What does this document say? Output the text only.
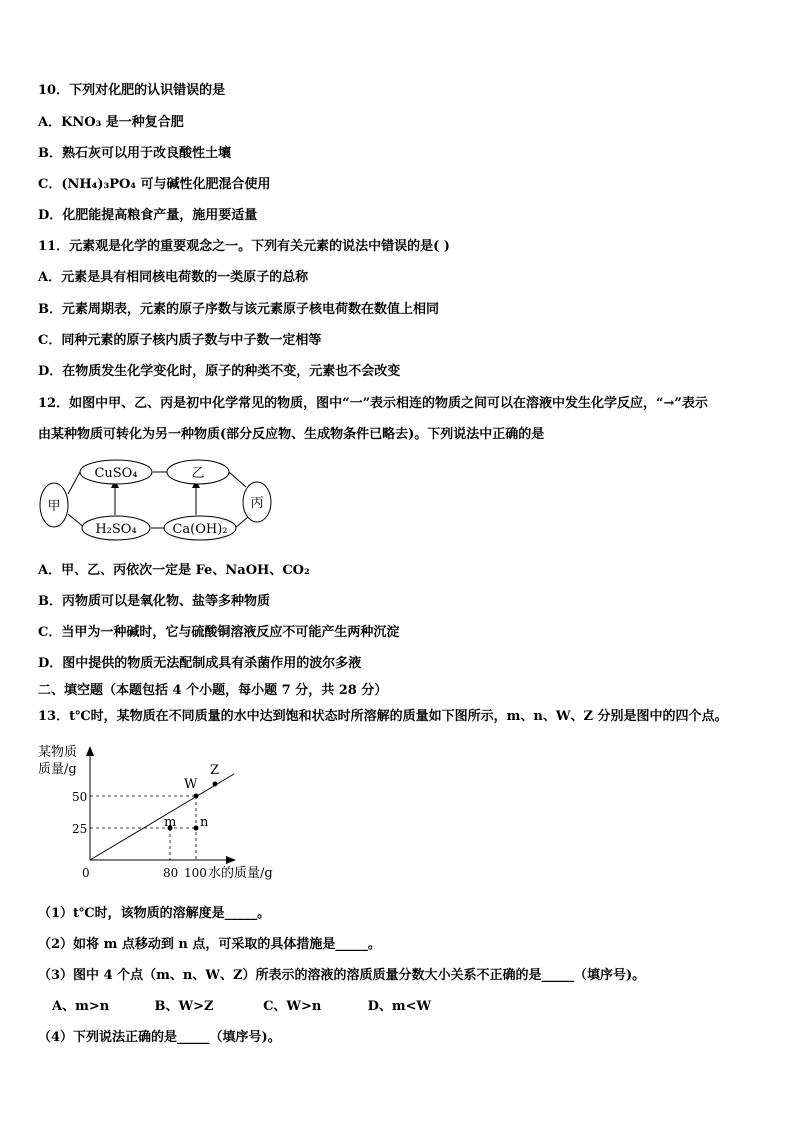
10．下列对化肥的认识错误的是
A．KNO₃ 是一种复合肥
B．熟石灰可以用于改良酸性土壤
C．(NH₄)₃PO₄ 可与碱性化肥混合使用
D．化肥能提高粮食产量，施用要适量
11．元素观是化学的重要观念之一。下列有关元素的说法中错误的是( )
A．元素是具有相同核电荷数的一类原子的总称
B．元素周期表，元素的原子序数与该元素原子核电荷数在数值上相同
C．同种元素的原子核内质子数与中子数一定相等
D．在物质发生化学变化时，原子的种类不变，元素也不会改变
12．如图中甲、乙、丙是初中化学常见的物质，图中“一”表示相连的物质之间可以在溶液中发生化学反应，“→”表示
由某种物质可转化为另一种物质(部分反应物、生成物条件已略去)。下列说法中正确的是
甲
CuSO₄	乙
丙
H₂SO₄	Ca(OH)₂
A．甲、乙、丙依次一定是 Fe、NaOH、CO₂
B．丙物质可以是氧化物、盐等多种物质
C．当甲为一种碱时，它与硫酸铜溶液反应不可能产生两种沉淀
D．图中提供的物质无法配制成具有杀菌作用的波尔多液
二、填空题（本题包括 4 个小题，每小题 7 分，共 28 分）
13．t℃时，某物质在不同质量的水中达到饱和状态时所溶解的质量如下图所示，m、n、W、Z 分别是图中的四个点。
W
Z
m n
某物质
质量/g
50
25
0	80 100 水的质量/g
（1）t℃时，该物质的溶解度是_____。
（2）如将 m 点移动到 n 点，可采取的具体措施是_____。
（3）图中 4 个点（m、n、W、Z）所表示的溶液的溶质质量分数大小关系不正确的是_____（填序号)。
A、m>n	B、W>Z	C、W>n	D、m<W
（4）下列说法正确的是_____（填序号)。
